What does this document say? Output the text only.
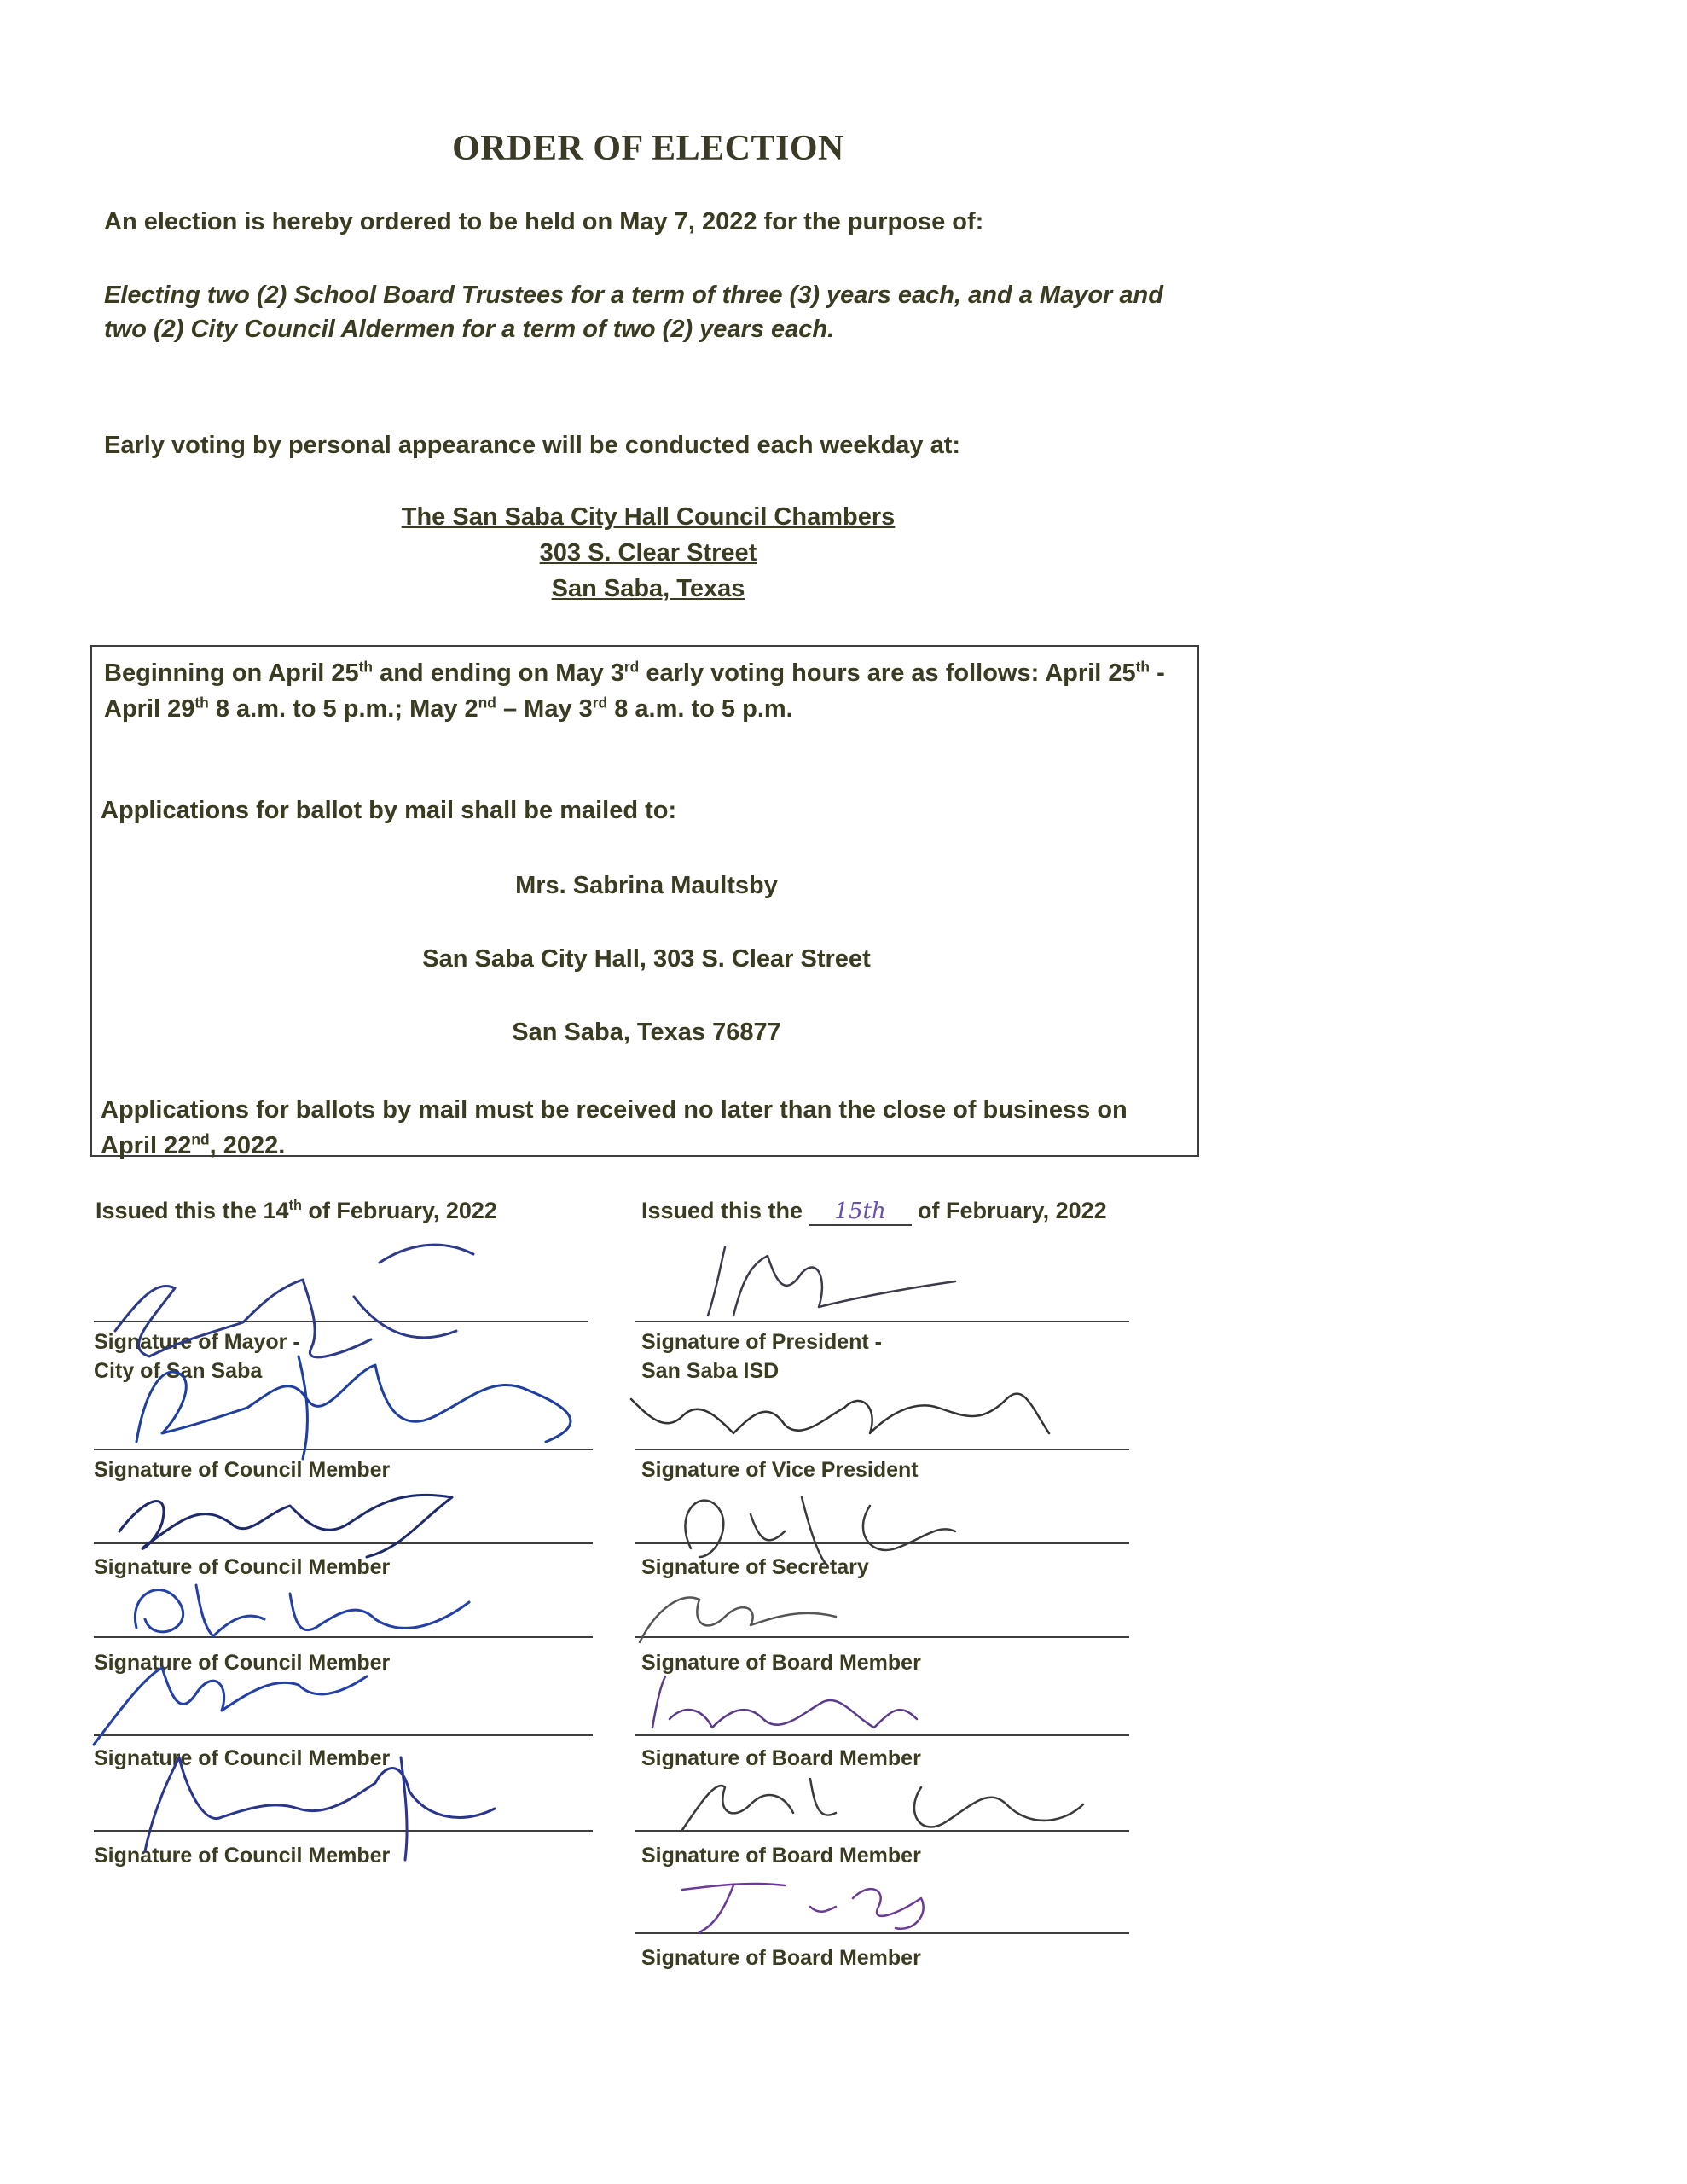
ORDER OF ELECTION
An election is hereby ordered to be held on May 7, 2022 for the purpose of:
Electing two (2) School Board Trustees for a term of three (3) years each, and a Mayor and two (2) City Council Aldermen for a term of two (2) years each.
Early voting by personal appearance will be conducted each weekday at:
The San Saba City Hall Council Chambers
303 S. Clear Street
San Saba, Texas
Beginning on April 25th and ending on May 3rd early voting hours are as follows: April 25th - April 29th 8 a.m. to 5 p.m.; May 2nd – May 3rd 8 a.m. to 5 p.m.
Applications for ballot by mail shall be mailed to:
Mrs. Sabrina Maultsby
San Saba City Hall, 303 S. Clear Street
San Saba, Texas 76877
Applications for ballots by mail must be received no later than the close of business on April 22nd, 2022.
Issued this the 14th of February, 2022	Issued this the 15th of February, 2022
Signature of Mayor -
City of San Saba
Signature of Council Member
Signature of Council Member
Signature of Council Member
Signature of Council Member
Signature of Council Member
Signature of President -
San Saba ISD
Signature of Vice President
Signature of Secretary
Signature of Board Member
Signature of Board Member
Signature of Board Member
Signature of Board Member
